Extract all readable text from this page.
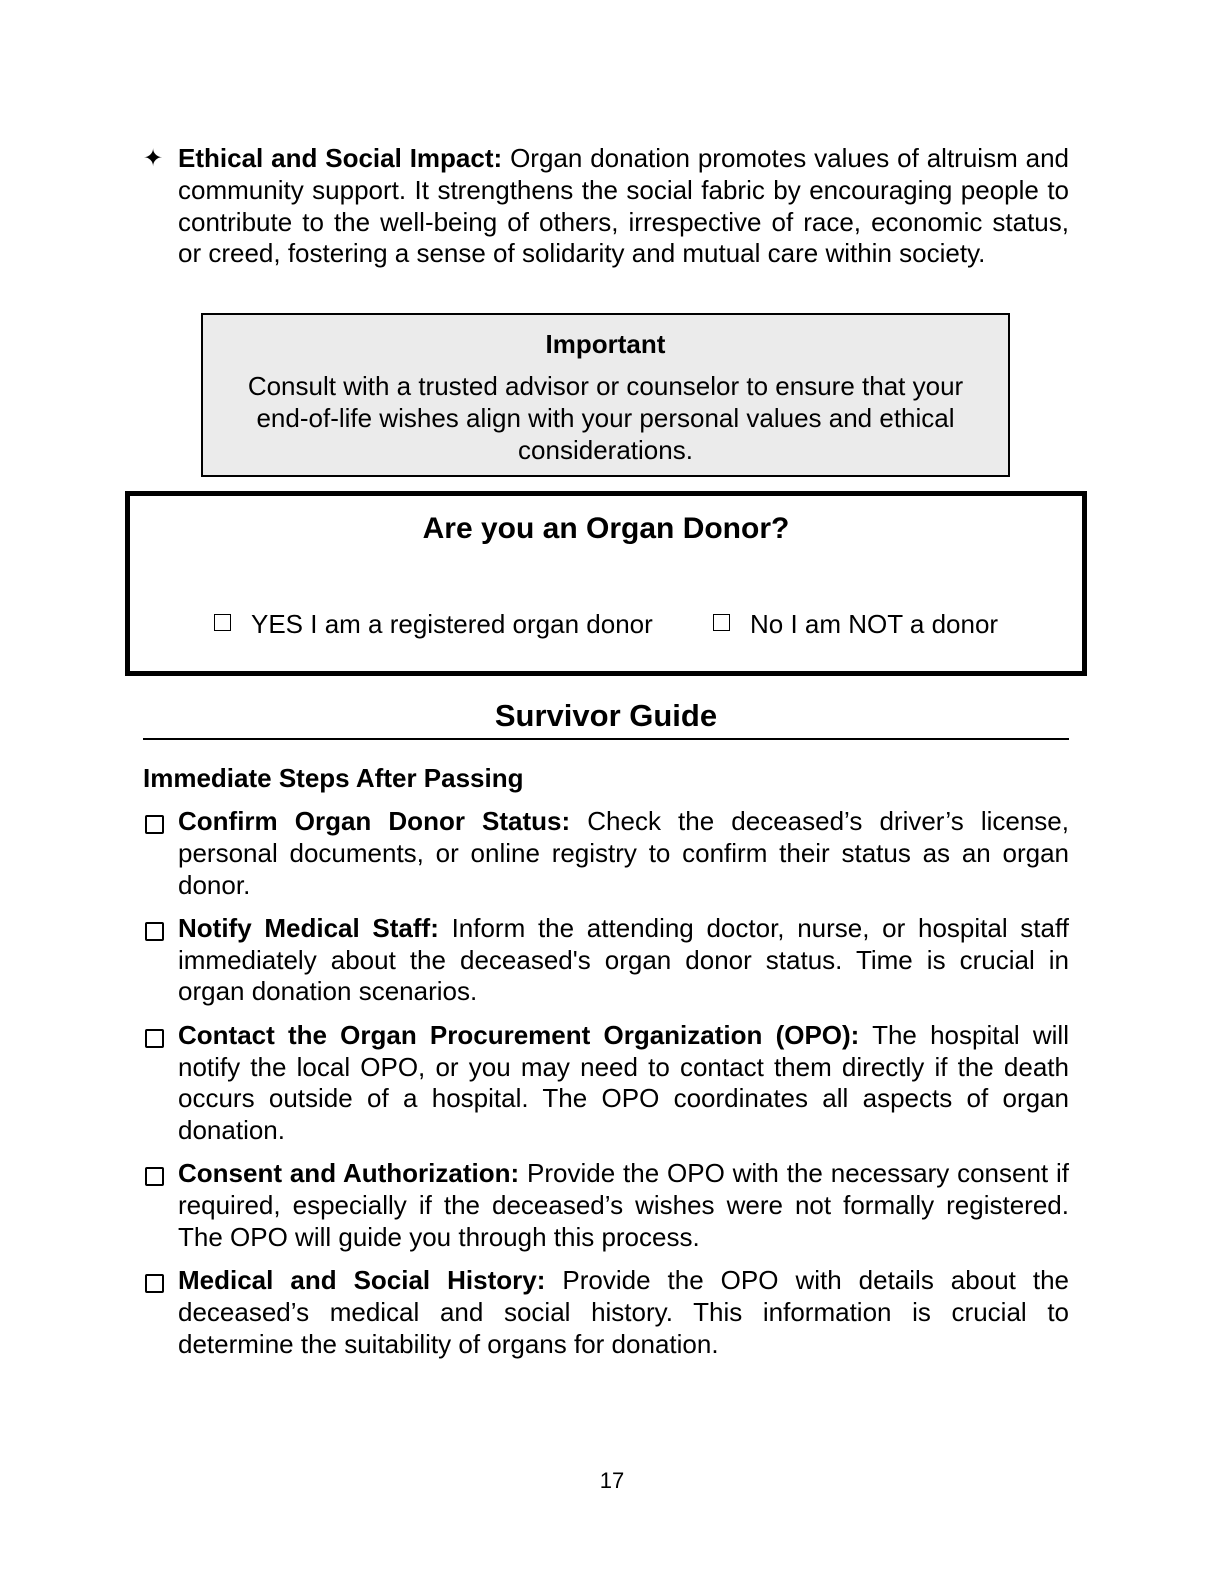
✦ Ethical and Social Impact: Organ donation promotes values of altruism and community support. It strengthens the social fabric by encouraging people to contribute to the well-being of others, irrespective of race, economic status, or creed, fostering a sense of solidarity and mutual care within society.
Important
Consult with a trusted advisor or counselor to ensure that your end-of-life wishes align with your personal values and ethical considerations.
Are you an Organ Donor?
YES I am a registered organ donor	No I am NOT a donor
Survivor Guide
Immediate Steps After Passing
Confirm Organ Donor Status: Check the deceased’s driver’s license, personal documents, or online registry to confirm their status as an organ donor.
Notify Medical Staff: Inform the attending doctor, nurse, or hospital staff immediately about the deceased's organ donor status. Time is crucial in organ donation scenarios.
Contact the Organ Procurement Organization (OPO): The hospital will notify the local OPO, or you may need to contact them directly if the death occurs outside of a hospital. The OPO coordinates all aspects of organ donation.
Consent and Authorization: Provide the OPO with the necessary consent if required, especially if the deceased’s wishes were not formally registered. The OPO will guide you through this process.
Medical and Social History: Provide the OPO with details about the deceased’s medical and social history. This information is crucial to determine the suitability of organs for donation.
17
